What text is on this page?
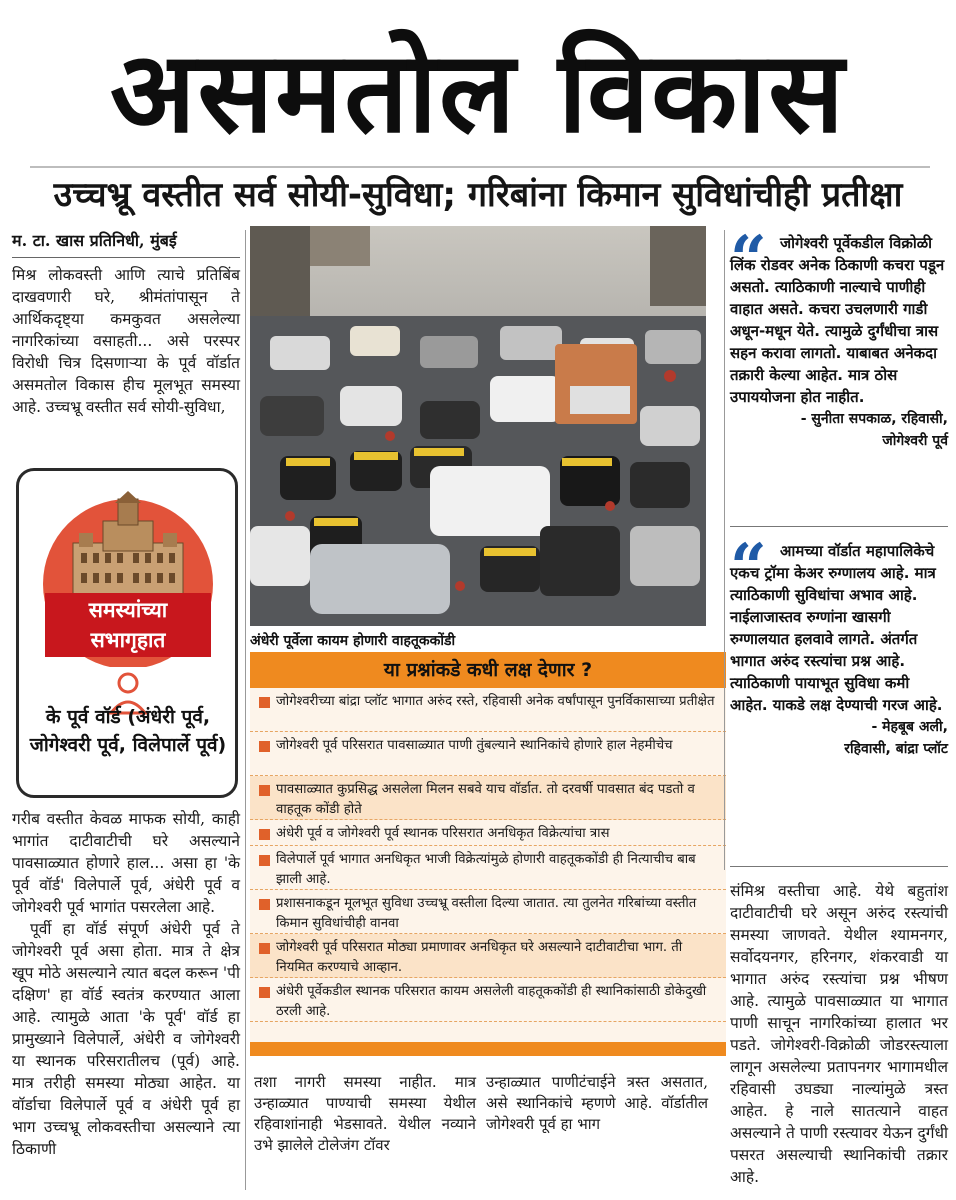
असमतोल विकास
उच्चभ्रू वस्तीत सर्व सोयी-सुविधा; गरिबांना किमान सुविधांचीही प्रतीक्षा
म. टा. खास प्रतिनिधी, मुंबई
मिश्र लोकवस्ती आणि त्याचे प्रतिबिंब दाखवणारी घरे, श्रीमंतांपासून ते आर्थिकदृष्ट्या कमकुवत असलेल्या नागरिकांच्या वसाहती... असे परस्पर विरोधी चित्र दिसणाऱ्या के पूर्व वॉर्डात असमतोल विकास हीच मूलभूत समस्या आहे. उच्चभ्रू वस्तीत सर्व सोयी-सुविधा,
समस्यांच्या
सभागृहात
के पूर्व वॉर्ड (अंधेरी पूर्व, जोगेश्वरी पूर्व, विलेपार्ले पूर्व)

गरीब वस्तीत केवळ माफक सोयी, काही भागांत दाटीवाटीची घरे असल्याने पावसाळ्यात होणारे हाल... असा हा 'के पूर्व वॉर्ड' विलेपार्ले पूर्व, अंधेरी पूर्व व जोगेश्वरी पूर्व भागांत पसरलेला आहे.

पूर्वी हा वॉर्ड संपूर्ण अंधेरी पूर्व ते जोगेश्वरी पूर्व असा होता. मात्र ते क्षेत्र खूप मोठे असल्याने त्यात बदल करून 'पी दक्षिण' हा वॉर्ड स्वतंत्र करण्यात आला आहे. त्यामुळे आता 'के पूर्व' वॉर्ड हा प्रामुख्याने विलेपार्ले, अंधेरी व जोगेश्वरी या स्थानक परिसरातीलच (पूर्व) आहे. मात्र तरीही समस्या मोठ्या आहेत. या वॉर्डाचा विलेपार्ले पूर्व व अंधेरी पूर्व हा भाग उच्चभ्रू लोकवस्तीचा असल्याने त्या ठिकाणी

अंधेरी पूर्वेला कायम होणारी वाहतूककोंडी
या प्रश्नांकडे कधी लक्ष देणार ?
जोगेश्वरीच्या बांद्रा प्लॉट भागात अरुंद रस्ते, रहिवासी अनेक वर्षांपासून पुनर्विकासाच्या प्रतीक्षेत
जोगेश्वरी पूर्व परिसरात पावसाळ्यात पाणी तुंबल्याने स्थानिकांचे होणारे हाल नेहमीचेच
पावसाळ्यात कुप्रसिद्ध असलेला मिलन सबवे याच वॉर्डात. तो दरवर्षी पावसात बंद पडतो व वाहतूक कोंडी होते
अंधेरी पूर्व व जोगेश्वरी पूर्व स्थानक परिसरात अनधिकृत विक्रेत्यांचा त्रास
विलेपार्ले पूर्व भागात अनधिकृत भाजी विक्रेत्यांमुळे होणारी वाहतूककोंडी ही नित्याचीच बाब झाली आहे.
प्रशासनाकडून मूलभूत सुविधा उच्चभ्रू वस्तीला दिल्या जातात. त्या तुलनेत गरिबांच्या वस्तीत किमान सुविधांचीही वानवा
जोगेश्वरी पूर्व परिसरात मोठ्या प्रमाणावर अनधिकृत घरे असल्याने दाटीवाटीचा भाग. ती नियमित करण्याचे आव्हान.
अंधेरी पूर्वेकडील स्थानक परिसरात कायम असलेली वाहतूककोंडी ही स्थानिकांसाठी डोकेदुखी ठरली आहे.
तशा नागरी समस्या नाहीत. मात्र उन्हाळ्यात पाण्याची समस्या येथील रहिवाशांनाही भेडसावते. येथील नव्याने उभे झालेले टोलेजंग टॉवर
उन्हाळ्यात पाणीटंचाईने त्रस्त असतात, असे स्थानिकांचे म्हणणे आहे. वॉर्डातील जोगेश्वरी पूर्व हा भाग
“ जोगेश्वरी पूर्वेकडील विक्रोळी लिंक रोडवर अनेक ठिकाणी कचरा पडून असतो. त्याठिकाणी नाल्याचे पाणीही वाहात असते. कचरा उचलणारी गाडी अधून-मधून येते. त्यामुळे दुर्गंधीचा त्रास सहन करावा लागतो. याबाबत अनेकदा तक्रारी केल्या आहेत. मात्र ठोस उपाययोजना होत नाहीत.

- सुनीता सपकाळ, रहिवासी,

जोगेश्वरी पूर्व

“ आमच्या वॉर्डात महापालिकेचे एकच ट्रॉमा केअर रुग्णालय आहे. मात्र त्याठिकाणी सुविधांचा अभाव आहे. नाईलाजास्तव रुग्णांना खासगी रुग्णालयात हलवावे लागते. अंतर्गत भागात अरुंद रस्त्यांचा प्रश्न आहे. त्याठिकाणी पायाभूत सुविधा कमी आहेत. याकडे लक्ष देण्याची गरज आहे.

- मेहबूब अली,

रहिवासी, बांद्रा प्लॉट

संमिश्र वस्तीचा आहे. येथे बहुतांश दाटीवाटीची घरे असून अरुंद रस्त्यांची समस्या जाणवते. येथील श्यामनगर, सर्वोदयनगर, हरिनगर, शंकरवाडी या भागात अरुंद रस्त्यांचा प्रश्न भीषण आहे. त्यामुळे पावसाळ्यात या भागात पाणी साचून नागरिकांच्या हालात भर पडते. जोगेश्वरी-विक्रोळी जोडरस्त्याला लागून असलेल्या प्रतापनगर भागामधील रहिवासी उघड्या नाल्यांमुळे त्रस्त आहेत. हे नाले सातत्याने वाहत असल्याने ते पाणी रस्त्यावर येऊन दुर्गंधी पसरत असल्याची स्थानिकांची तक्रार आहे.
